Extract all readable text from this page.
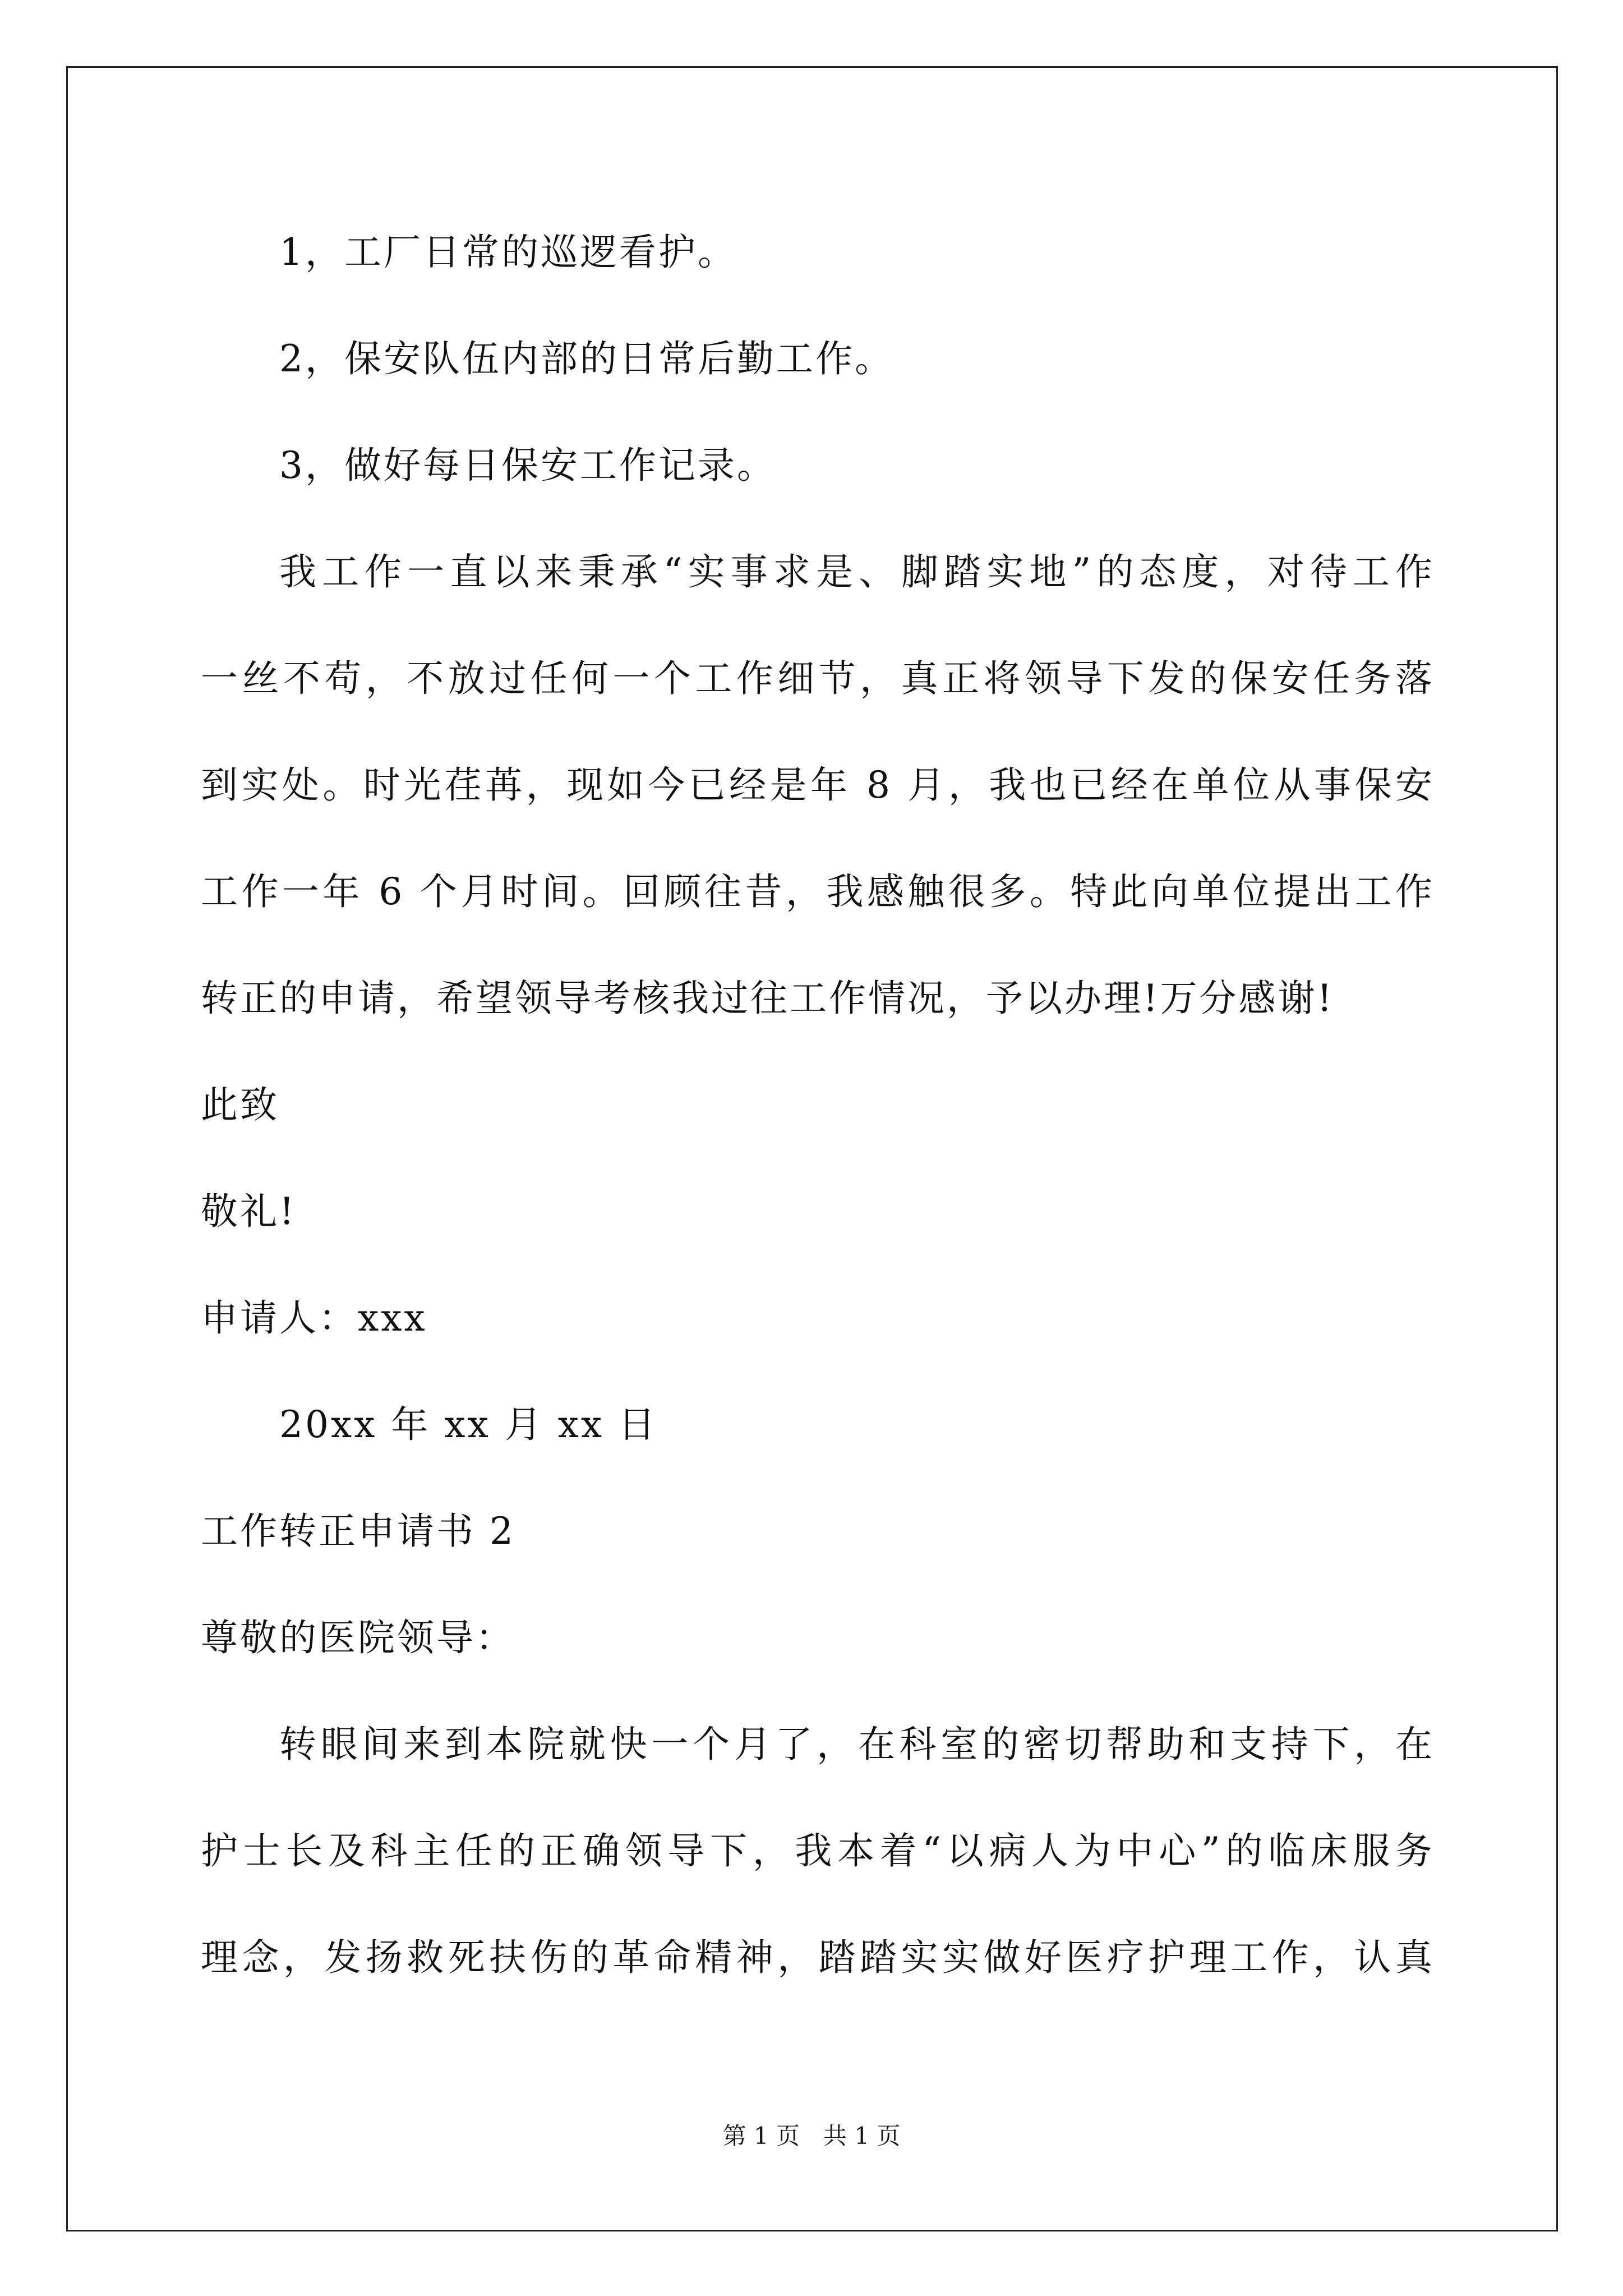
1，工厂日常的巡逻看护。
2，保安队伍内部的日常后勤工作。
3，做好每日保安工作记录。
我工作一直以来秉承“实事求是、脚踏实地”的态度，对待工作
一丝不苟，不放过任何一个工作细节，真正将领导下发的保安任务落
到实处。时光荏苒，现如今已经是年 8 月，我也已经在单位从事保安
工作一年 6 个月时间。回顾往昔，我感触很多。特此向单位提出工作
转正的申请，希望领导考核我过往工作情况，予以办理!万分感谢!
此致
敬礼!
申请人：xxx
20xx 年 xx 月 xx 日
工作转正申请书 2
尊敬的医院领导：
转眼间来到本院就快一个月了，在科室的密切帮助和支持下，在
护士长及科主任的正确领导下，我本着“以病人为中心”的临床服务
理念，发扬救死扶伤的革命精神，踏踏实实做好医疗护理工作，认真
第 1 页　共 1 页
